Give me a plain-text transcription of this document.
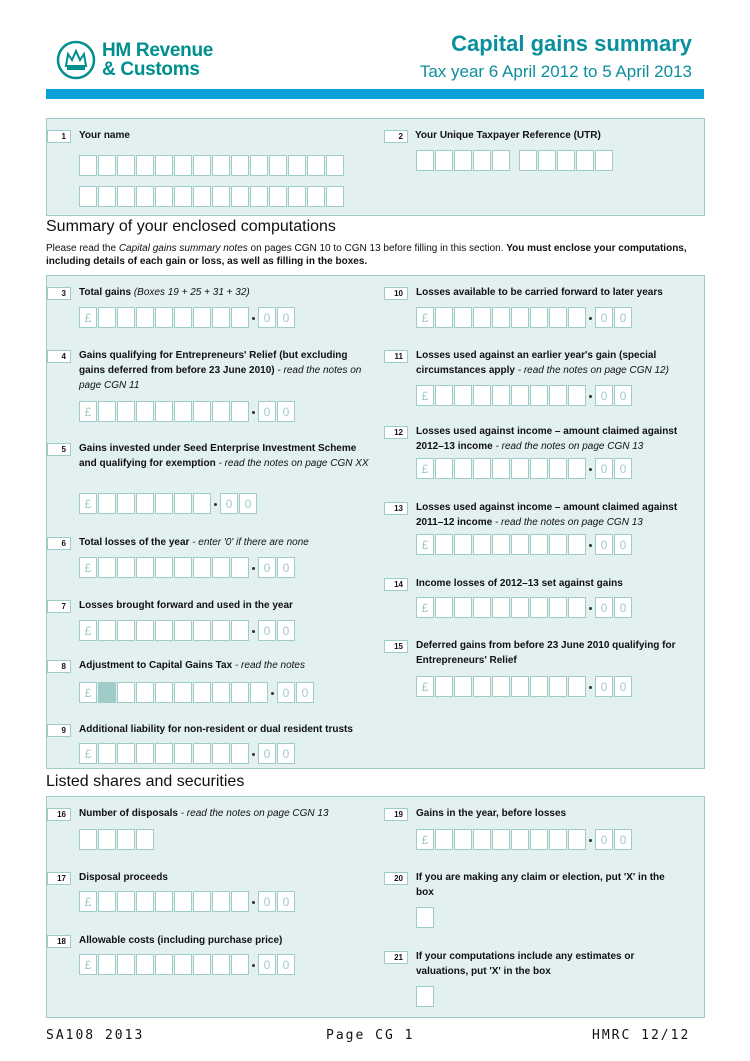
HM Revenue
& Customs
Capital gains summary
Tax year 6 April 2012 to 5 April 2013
1	Your name	2	Your Unique Taxpayer Reference (UTR)
Summary of your enclosed computations
Please read the Capital gains summary notes on pages CGN 10 to CGN 13 before filling in this section. You must enclose your computations, including details of each gain or loss, as well as filling in the boxes.
Listed shares and securities
SA108 2013	Page CG 1	HMRC 12/12
3	Total gains (Boxes 19 + 25 + 31 + 32)
£	0	0
4	Gains qualifying for Entrepreneurs' Relief (but excluding gains deferred from before 23 June 2010) - read the notes on page CGN 11
£	0	0
5	Gains invested under Seed Enterprise Investment Scheme and qualifying for exemption - read the notes on page CGN XX
£	0	0
6	Total losses of the year - enter '0' if there are none
£	0	0
7	Losses brought forward and used in the year
£	0	0
8	Adjustment to Capital Gains Tax - read the notes
£	0	0
9	Additional liability for non-resident or dual resident trusts
£	0	0
10	Losses available to be carried forward to later years
£	0	0
11	Losses used against an earlier year's gain (special circumstances apply - read the notes on page CGN 12)
£	0	0
12	Losses used against income – amount claimed against 2012–13 income - read the notes on page CGN 13
£	0	0
13	Losses used against income – amount claimed against 2011–12 income - read the notes on page CGN 13
£	0	0
14	Income losses of 2012–13 set against gains
£	0	0
15	Deferred gains from before 23 June 2010 qualifying for Entrepreneurs' Relief
£	0	0
16	Number of disposals - read the notes on page CGN 13
17	Disposal proceeds
£	0	0
18	Allowable costs (including purchase price)
£	0	0
19	Gains in the year, before losses
£	0	0
20	If you are making any claim or election, put 'X' in the box
21	If your computations include any estimates or valuations, put 'X' in the box
